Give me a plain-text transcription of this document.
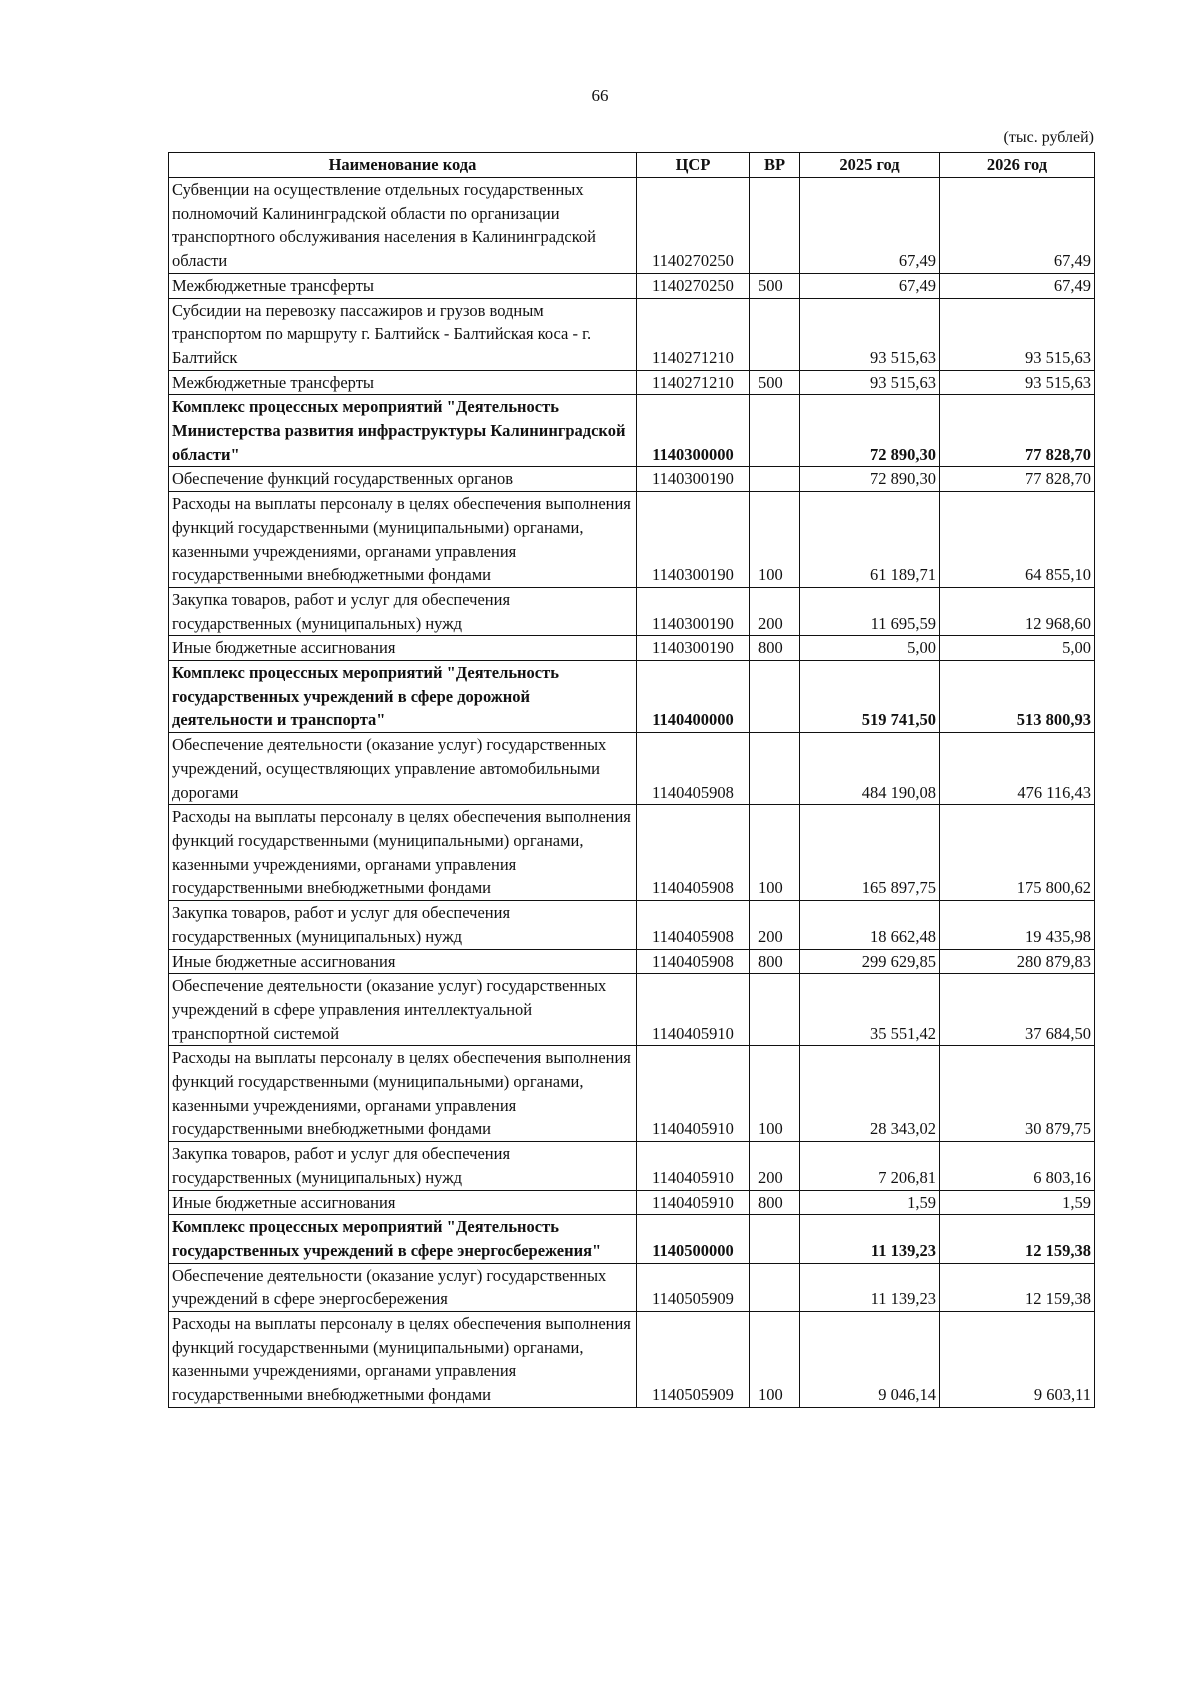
66
(тыс. рублей)
Наименование кода	ЦСР	ВР	2025 год	2026 год
Субвенции на осуществление отдельных государственных полномочий Калининградской области по организации транспортного обслуживания населения в Калининградской области	1140270250		67,49	67,49
Межбюджетные трансферты	1140270250	500	67,49	67,49
Субсидии на перевозку пассажиров и грузов водным транспортом по маршруту г. Балтийск - Балтийская коса - г. Балтийск	1140271210		93 515,63	93 515,63
Межбюджетные трансферты	1140271210	500	93 515,63	93 515,63
Комплекс процессных мероприятий "Деятельность Министерства развития инфраструктуры Калининградской области"	1140300000		72 890,30	77 828,70
Обеспечение функций государственных органов	1140300190		72 890,30	77 828,70
Расходы на выплаты персоналу в целях обеспечения выполнения функций государственными (муниципальными) органами, казенными учреждениями, органами управления государственными внебюджетными фондами	1140300190	100	61 189,71	64 855,10
Закупка товаров, работ и услуг для обеспечения государственных (муниципальных) нужд	1140300190	200	11 695,59	12 968,60
Иные бюджетные ассигнования	1140300190	800	5,00	5,00
Комплекс процессных мероприятий "Деятельность государственных учреждений в сфере дорожной деятельности и транспорта"	1140400000		519 741,50	513 800,93
Обеспечение деятельности (оказание услуг) государственных учреждений, осуществляющих управление автомобильными дорогами	1140405908		484 190,08	476 116,43
Расходы на выплаты персоналу в целях обеспечения выполнения функций государственными (муниципальными) органами, казенными учреждениями, органами управления государственными внебюджетными фондами	1140405908	100	165 897,75	175 800,62
Закупка товаров, работ и услуг для обеспечения государственных (муниципальных) нужд	1140405908	200	18 662,48	19 435,98
Иные бюджетные ассигнования	1140405908	800	299 629,85	280 879,83
Обеспечение деятельности (оказание услуг) государственных учреждений в сфере управления интеллектуальной транспортной системой	1140405910		35 551,42	37 684,50
Расходы на выплаты персоналу в целях обеспечения выполнения функций государственными (муниципальными) органами, казенными учреждениями, органами управления государственными внебюджетными фондами	1140405910	100	28 343,02	30 879,75
Закупка товаров, работ и услуг для обеспечения государственных (муниципальных) нужд	1140405910	200	7 206,81	6 803,16
Иные бюджетные ассигнования	1140405910	800	1,59	1,59
Комплекс процессных мероприятий "Деятельность государственных учреждений в сфере энергосбережения"	1140500000		11 139,23	12 159,38
Обеспечение деятельности (оказание услуг) государственных учреждений в сфере энергосбережения	1140505909		11 139,23	12 159,38
Расходы на выплаты персоналу в целях обеспечения выполнения функций государственными (муниципальными) органами, казенными учреждениями, органами управления государственными внебюджетными фондами	1140505909	100	9 046,14	9 603,11
